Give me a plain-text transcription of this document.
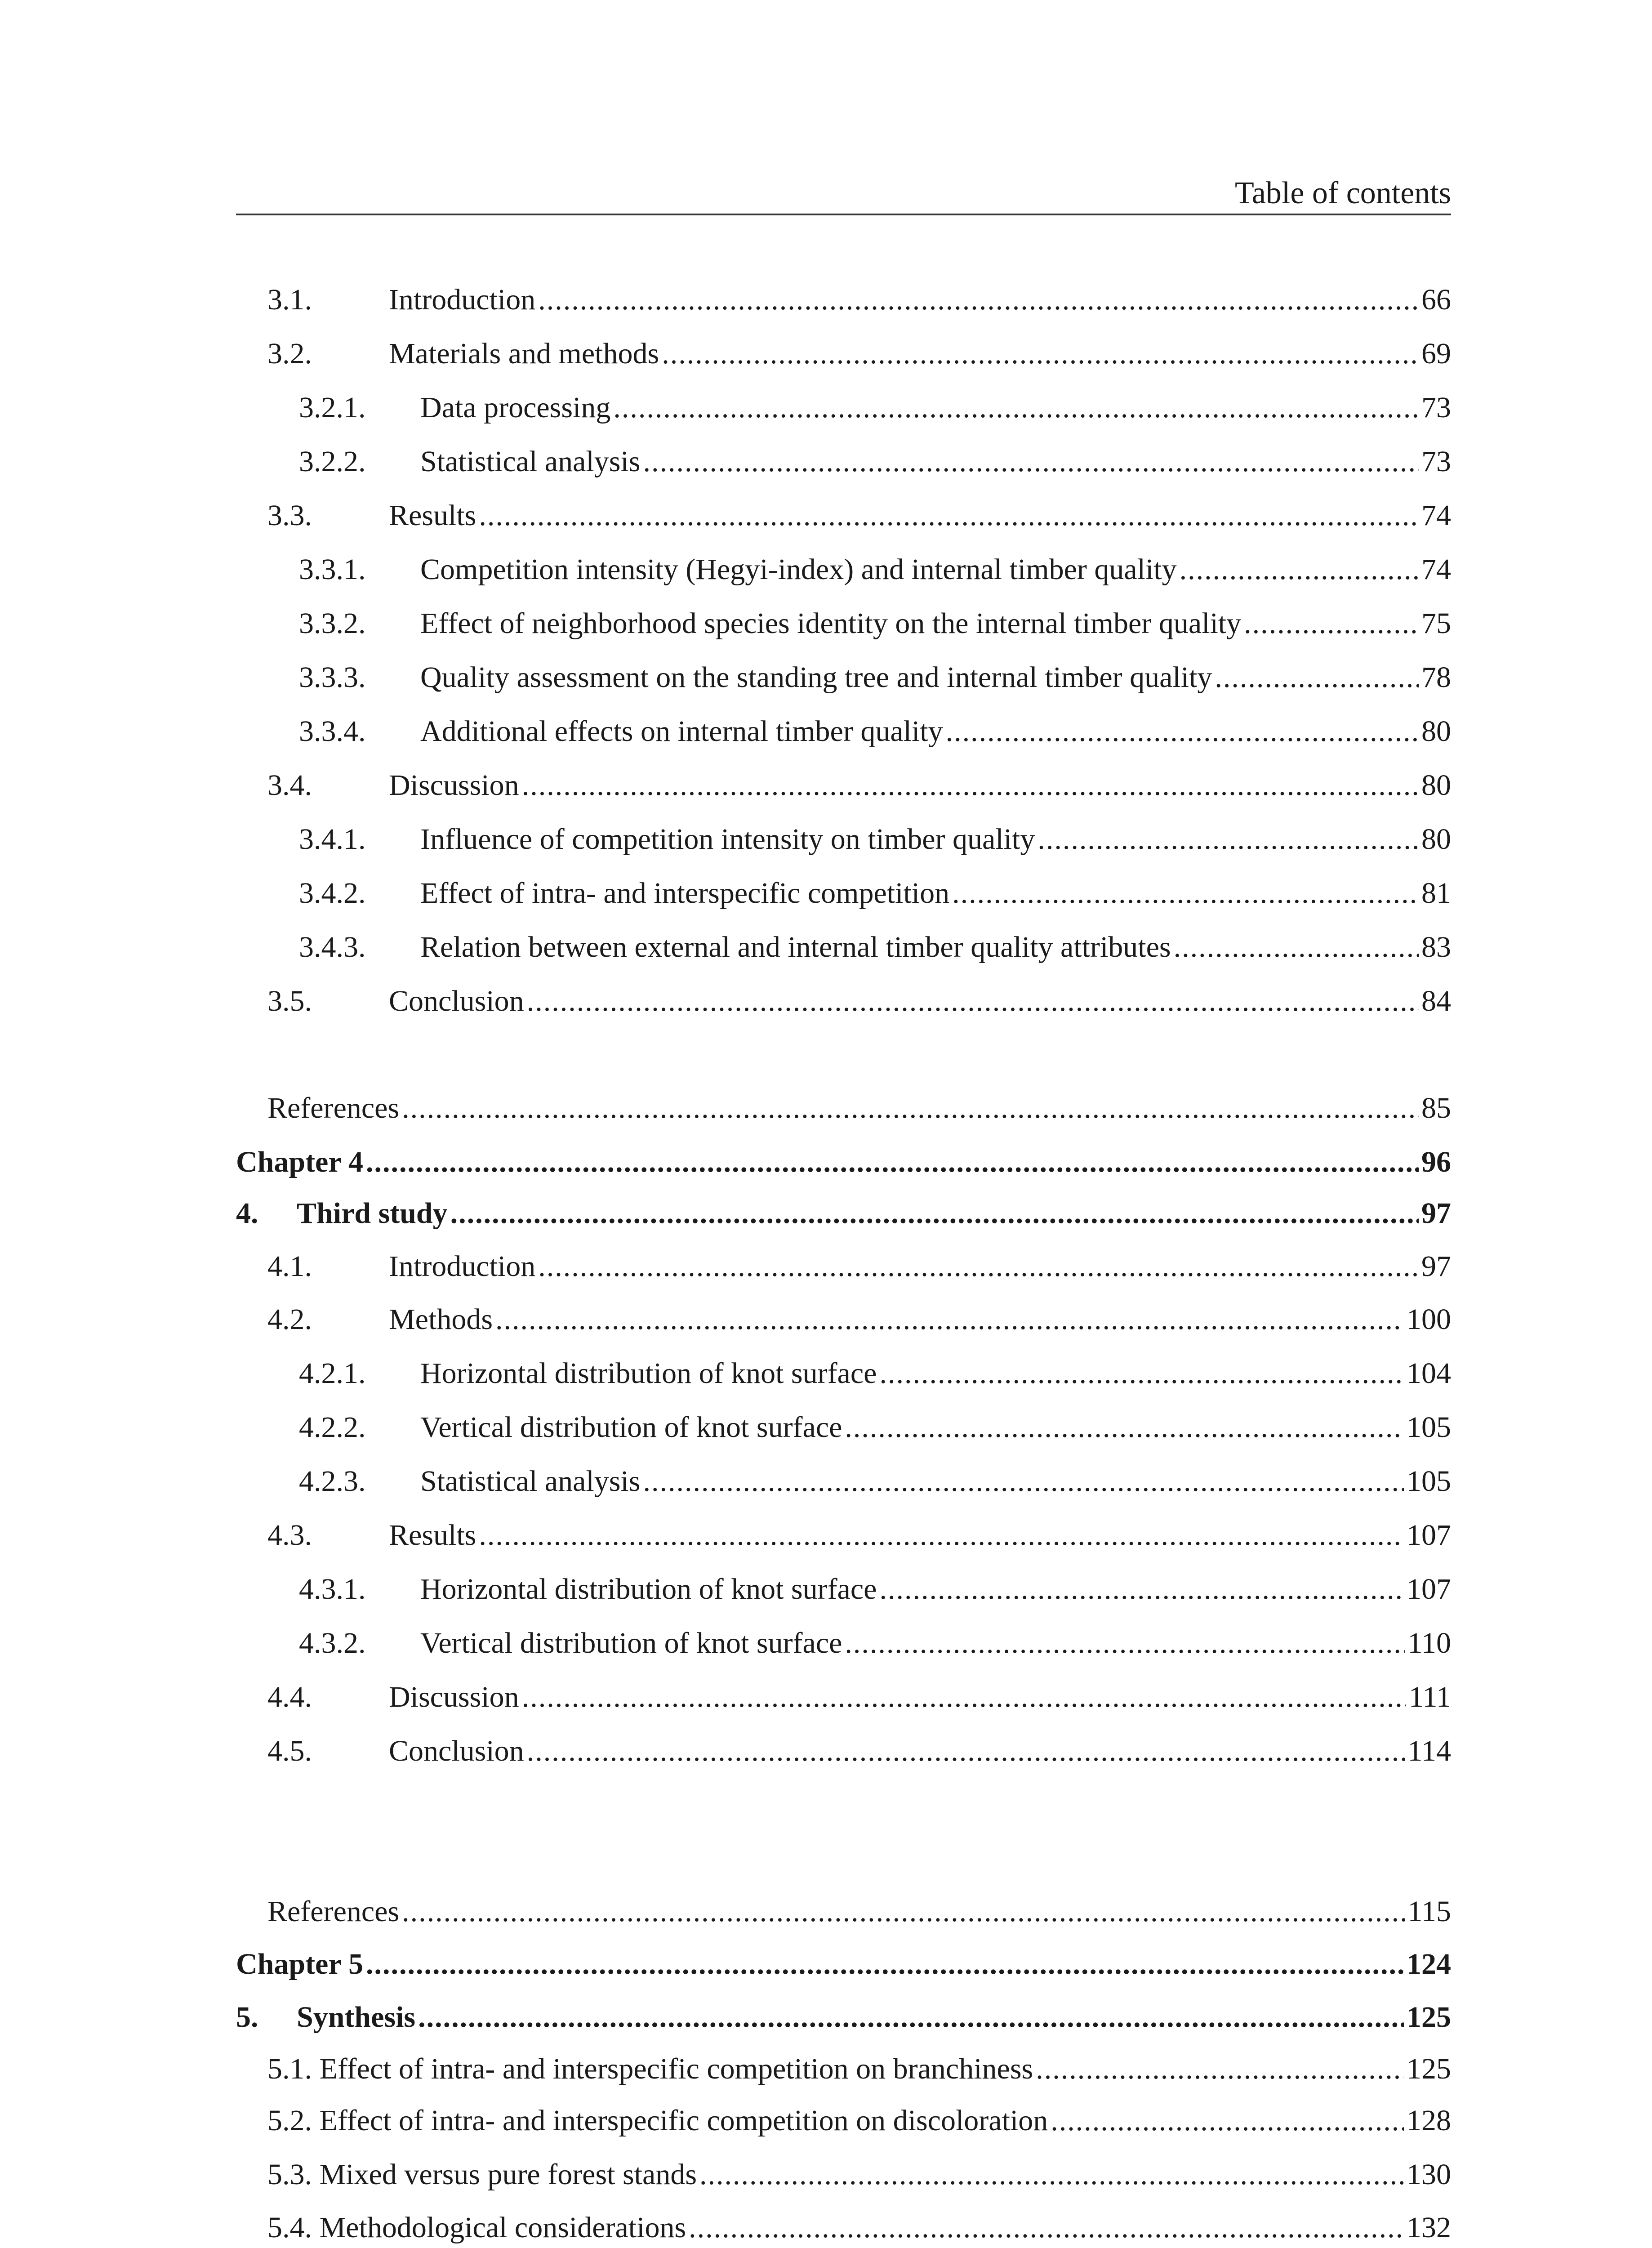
Table of contents
3.1.	Introduction .....	66
3.2.	Materials and methods .....	69
3.2.1.	Data processing .....	73
3.2.2.	Statistical analysis .....	73
3.3.	Results .....	74
3.3.1.	Competition intensity (Hegyi-index) and internal timber quality .....	74
3.3.2.	Effect of neighborhood species identity on the internal timber quality .....	75
3.3.3.	Quality assessment on the standing tree and internal timber quality .....	78
3.3.4.	Additional effects on internal timber quality .....	80
3.4.	Discussion .....	80
3.4.1.	Influence of competition intensity on timber quality .....	80
3.4.2.	Effect of intra- and interspecific competition .....	81
3.4.3.	Relation between external and internal timber quality attributes .....	83
3.5.	Conclusion .....	84
References .....	85
Chapter 4 .....	96
4.	Third study .....	97
4.1.	Introduction .....	97
4.2.	Methods .....	100
4.2.1.	Horizontal distribution of knot surface .....	104
4.2.2.	Vertical distribution of knot surface .....	105
4.2.3.	Statistical analysis .....	105
4.3.	Results .....	107
4.3.1.	Horizontal distribution of knot surface .....	107
4.3.2.	Vertical distribution of knot surface .....	110
4.4.	Discussion .....	111
4.5.	Conclusion .....	114
References .....	115
Chapter 5 .....	124
5.	Synthesis .....	125
5.1. Effect of intra- and interspecific competition on branchiness .....	125
5.2. Effect of intra- and interspecific competition on discoloration .....	128
5.3. Mixed versus pure forest stands .....	130
5.4. Methodological considerations .....	132
